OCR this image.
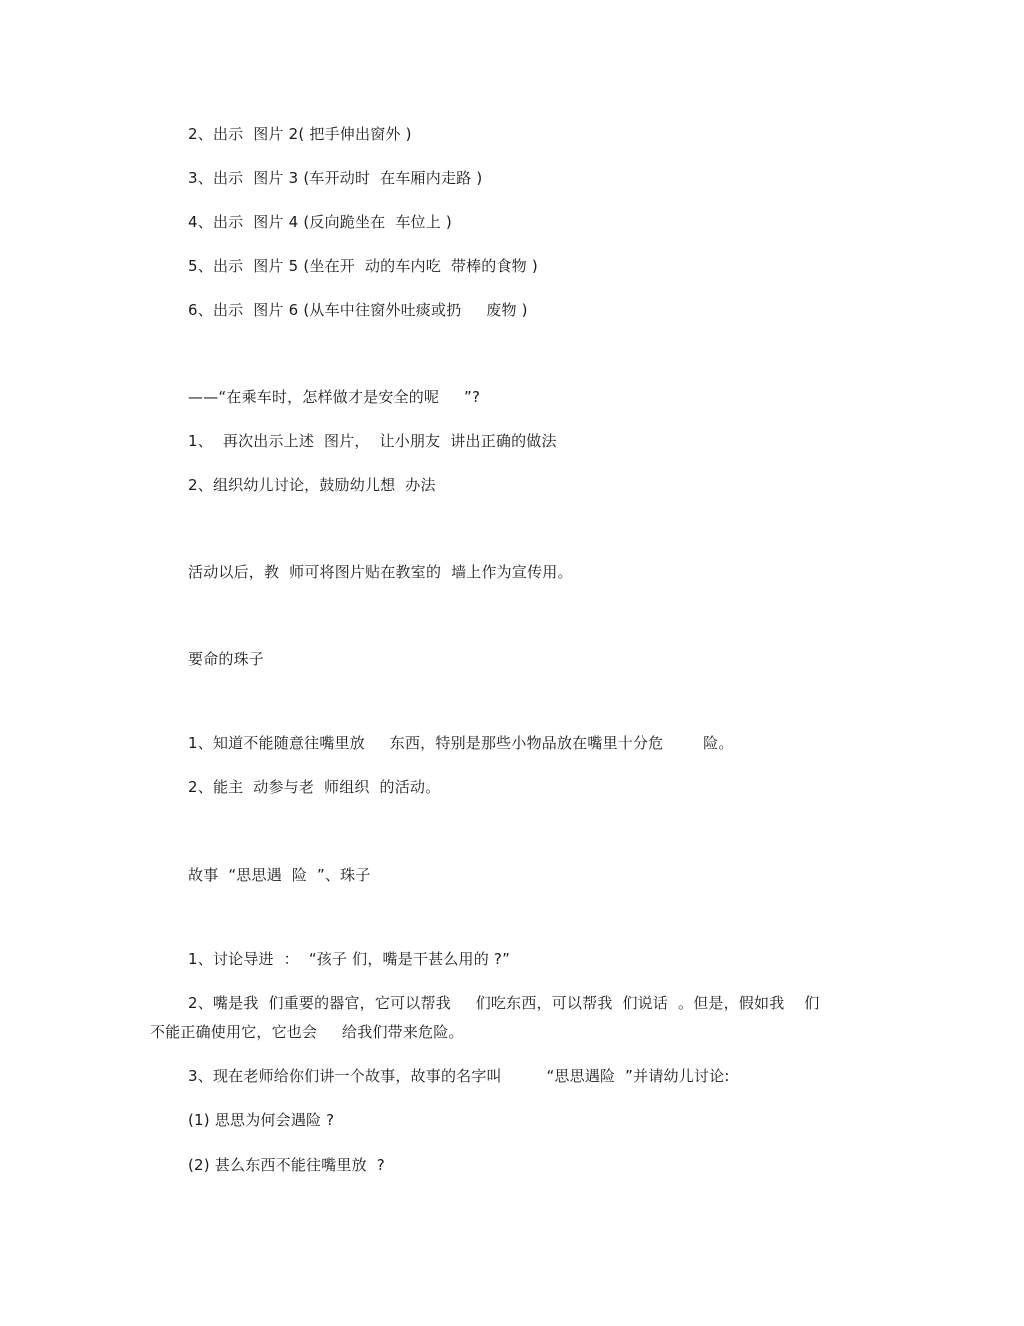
2、出示  图片 2( 把手伸出窗外 )
3、出示  图片 3 (车开动时  在车厢内走路 )
4、出示  图片 4 (反向跪坐在  车位上 )
5、出示  图片 5 (坐在开  动的车内吃  带棒的食物 )
6、出示  图片 6 (从车中往窗外吐痰或扔     废物 )
——“在乘车时，怎样做才是安全的呢     ”?
1、  再次出示上述  图片，  让小朋友  讲出正确的做法
2、组织幼儿讨论，鼓励幼儿想  办法
活动以后，教  师可将图片贴在教室的  墙上作为宣传用。
要命的珠子
1、知道不能随意往嘴里放     东西，特别是那些小物品放在嘴里十分危        险。
2、能主  动参与老  师组织  的活动。
故事  “思思遇  险  ”、珠子
1、讨论导进  ：  “孩子 们，嘴是干甚么用的 ?”
2、嘴是我  们重要的器官，它可以帮我     们吃东西，可以帮我  们说话  。但是，假如我    们
不能正确使用它，它也会     给我们带来危险。
3、现在老师给你们讲一个故事，故事的名字叫         “思思遇险  ”并请幼儿讨论:
(1) 思思为何会遇险 ?
(2) 甚么东西不能往嘴里放  ?
